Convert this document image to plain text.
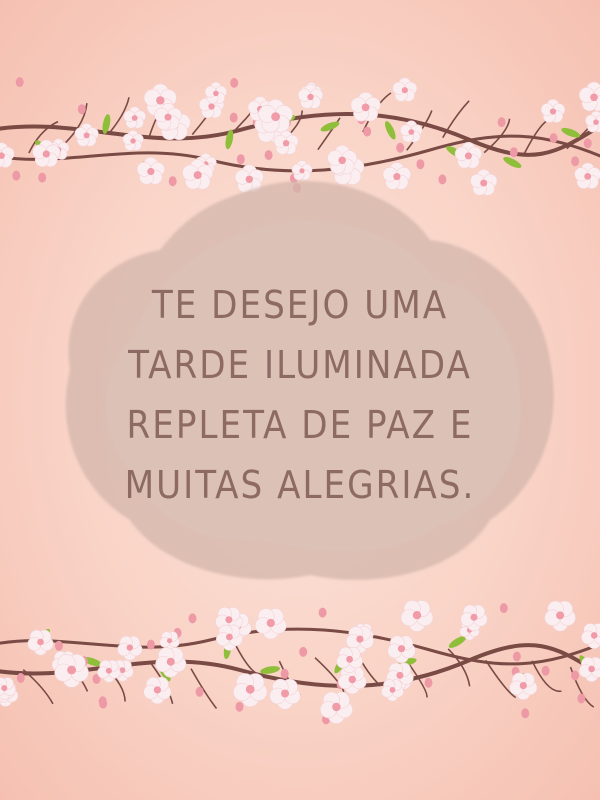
TE DESEJO UMA
TARDE ILUMINADA
REPLETA DE PAZ E
MUITAS ALEGRIAS.
